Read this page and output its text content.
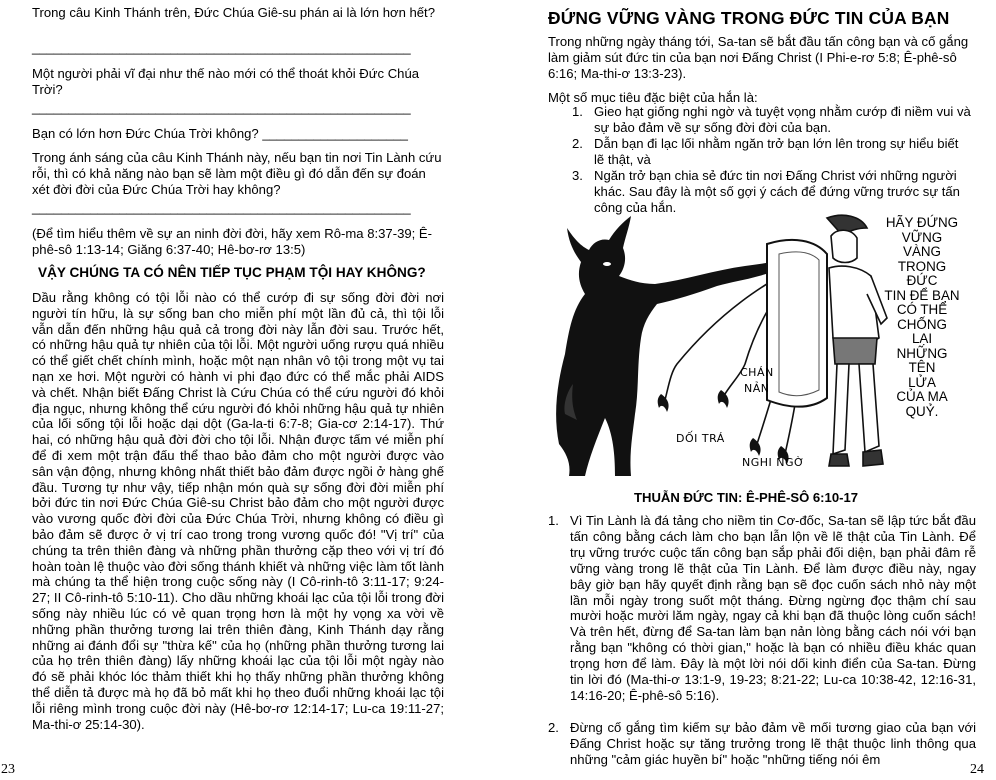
Trong câu Kinh Thánh trên, Đức Chúa Giê-su phán ai là lớn hơn hết?

____________________________________________________

Một người phải vĩ đại như thế nào mới có thể thoát khỏi Đức Chúa Trời?

____________________________________________________
Bạn có lớn hơn Đức Chúa Trời không? ____________________

Trong ánh sáng của câu Kinh Thánh này, nếu bạn tin nơi Tin Lành cứu rỗi, thì có khả năng nào bạn sẽ làm một điều gì đó dẫn đến sự đoán xét đời đời của Đức Chúa Trời hay không?

____________________________________________________

(Để tìm hiểu thêm về sự an ninh đời đời, hãy xem Rô-ma 8:37-39; Ê-phê-sô 1:13-14; Giăng 6:37-40; Hê-bơ-rơ 13:5)

VẬY CHÚNG TA CÓ NÊN TIẾP TỤC PHẠM TỘI HAY KHÔNG?

Dầu rằng không có tội lỗi nào có thể cướp đi sự sống đời đời nơi người tín hữu, là sự sống ban cho miễn phí một lần đủ cả, thì tội lỗi vẫn dẫn đến những hậu quả cả trong đời này lẫn đời sau. Trước hết, có những hậu quả tự nhiên của tội lỗi. Một người uống rượu quá nhiều có thể giết chết chính mình, hoặc một nạn nhân vô tội trong một vụ tai nạn xe hơi. Một người có hành vi phi đạo đức có thể mắc phải AIDS và chết. Nhận biết Đấng Christ là Cứu Chúa có thể cứu người đó khỏi địa ngục, nhưng không thể cứu người đó khỏi những hậu quả tự nhiên của lối sống tội lỗi hoặc dại dột (Ga-la-ti 6:7-8; Gia-cơ 2:14-17). Thứ hai, có những hậu quả đời đời cho tội lỗi. Nhận được tấm vé miễn phí để đi xem một trận đấu thể thao bảo đảm cho một người được vào sân vận động, nhưng không nhất thiết bảo đảm được ngồi ở hàng ghế đầu. Tương tự như vậy, tiếp nhận món quà sự sống đời đời miễn phí bởi đức tin nơi Đức Chúa Giê-su Christ bảo đảm cho một người được vào vương quốc đời đời của Đức Chúa Trời, nhưng không có điều gì bảo đảm sẽ được ở vị trí cao trong trong vương quốc đó! "Vị trí" của chúng ta trên thiên đàng và những phần thưởng cặp theo với vị trí đó hoàn toàn lệ thuộc vào đời sống thánh khiết và những việc làm tốt lành mà chúng ta thể hiện trong cuộc sống này (I Cô-rinh-tô 3:11-17; 9:24-27; II Cô-rinh-tô 5:10-11). Cho dầu những khoái lạc của tội lỗi trong đời sống này nhiều lúc có vẻ quan trọng hơn là một hy vọng xa vời về những phần thưởng tương lai trên thiên đàng, Kinh Thánh dạy rằng những ai đánh đổi sự "thừa kế" của họ (những phần thưởng tương lai của họ trên thiên đàng) lấy những khoái lạc của tội lỗi một ngày nào đó sẽ phải khóc lóc thảm thiết khi họ thấy những phần thưởng không thể diễn tả được mà họ đã bỏ mất khi họ theo đuổi những khoái lạc tội lỗi riêng mình trong cuộc đời này (Hê-bơ-rơ 12:14-17; Lu-ca 19:11-27; Ma-thi-ơ 25:14-30).

23
ĐỨNG VỮNG VÀNG TRONG ĐỨC TIN CỦA BẠN

Trong những ngày tháng tới, Sa-tan sẽ bắt đầu tấn công bạn và cố gắng làm giảm sút đức tin của bạn nơi Đấng Christ (I Phi-e-rơ 5:8; Ê-phê-sô 6:16; Ma-thi-ơ 13:3-23).

Một số mục tiêu đặc biệt của hắn là:
1. Gieo hạt giống nghi ngờ và tuyệt vọng nhằm cướp đi niềm vui và sự bảo đảm về sự sống đời đời của bạn.
2. Dẫn bạn đi lạc lối nhằm ngăn trở bạn lớn lên trong sự hiểu biết lẽ thật, và
3. Ngăn trở bạn chia sẻ đức tin nơi Đấng Christ với những người khác. Sau đây là một số gợi ý cách để đứng vững trước sự tấn công của hắn.
HÃY ĐỨNG
VỮNG VÀNG
TRONG ĐỨC
TIN ĐỂ BẠN
CÓ THỂ
CHỐNG
LẠI
NHỮNG
TÊN
LỬA
CỦA MA
QUỶ.
CHÁN
NẢN
DỐI TRÁ
NGHI NGỜ
THUẪN ĐỨC TIN: Ê-PHÊ-SÔ 6:10-17
1. Vì Tin Lành là đá tảng cho niềm tin Cơ-đốc, Sa-tan sẽ lập tức bắt đầu tấn công bằng cách làm cho bạn lẫn lộn về lẽ thật của Tin Lành. Để trụ vững trước cuộc tấn công bạn sắp phải đối diện, bạn phải đâm rễ vững vàng trong lẽ thật của Tin Lành. Để làm được điều này, ngay bây giờ bạn hãy quyết định rằng bạn sẽ đọc cuốn sách nhỏ này một lần mỗi ngày trong suốt một tháng. Đừng ngừng đọc thậm chí sau mười hoặc mười lăm ngày, ngay cả khi bạn đã thuộc lòng cuốn sách! Và trên hết, đừng để Sa-tan làm bạn nản lòng bằng cách nói với bạn rằng bạn "không có thời gian," hoặc là bạn có nhiều điều khác quan trọng hơn để làm. Đây là một lời nói dối kinh điển của Sa-tan. Đừng tin lời đó (Ma-thi-ơ 13:1-9, 19-23; 8:21-22; Lu-ca 10:38-42, 12:16-31, 14:16-20; Ê-phê-sô 5:16).
2. Đừng cố gắng tìm kiếm sự bảo đảm về mối tương giao của bạn với Đấng Christ hoặc sự tăng trưởng trong lẽ thật thuộc linh thông qua những "cảm giác huyền bí" hoặc "những tiếng nói êm
24
